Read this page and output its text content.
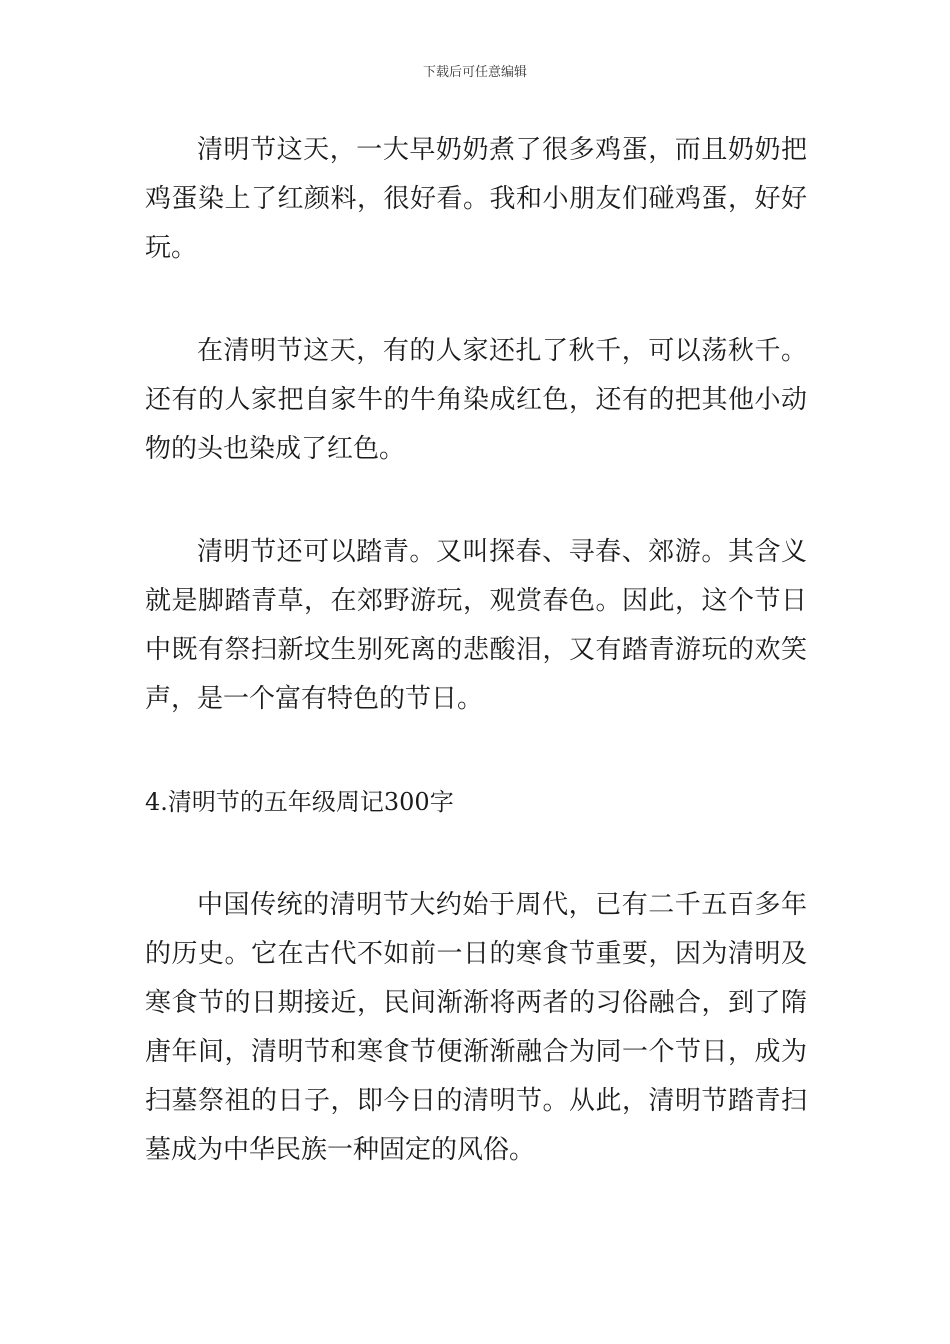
下载后可任意编辑

清明节这天，一大早奶奶煮了很多鸡蛋，而且奶奶把鸡蛋染上了红颜料，很好看。我和小朋友们碰鸡蛋，好好玩。

在清明节这天，有的人家还扎了秋千，可以荡秋千。还有的人家把自家牛的牛角染成红色，还有的把其他小动物的头也染成了红色。

清明节还可以踏青。又叫探春、寻春、郊游。其含义就是脚踏青草，在郊野游玩，观赏春色。因此，这个节日中既有祭扫新坟生别死离的悲酸泪，又有踏青游玩的欢笑声，是一个富有特色的节日。

4.清明节的五年级周记300字

中国传统的清明节大约始于周代，已有二千五百多年的历史。它在古代不如前一日的寒食节重要，因为清明及寒食节的日期接近，民间渐渐将两者的习俗融合，到了隋唐年间，清明节和寒食节便渐渐融合为同一个节日，成为扫墓祭祖的日子，即今日的清明节。从此，清明节踏青扫墓成为中华民族一种固定的风俗。
